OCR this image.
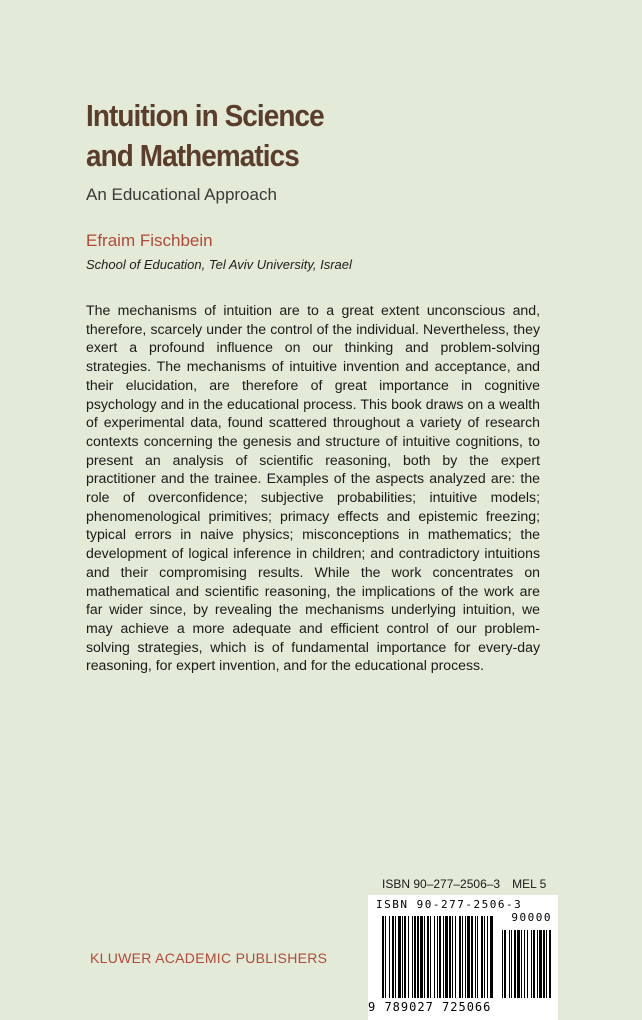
Intuition in Science
and Mathematics
An Educational Approach
Efraim Fischbein
School of Education, Tel Aviv University, Israel

The mechanisms of intuition are to a great extent unconscious and, therefore, scarcely under the control of the individual. Nevertheless, they exert a profound influence on our thinking and problem-solving strategies. The mechanisms of intuitive invention and acceptance, and their elucidation, are therefore of great importance in cognitive psychology and in the educational process. This book draws on a wealth of experimental data, found scattered throughout a variety of research contexts concerning the genesis and structure of intuitive cognitions, to present an analysis of scientific reasoning, both by the expert practitioner and the trainee. Examples of the aspects analyzed are: the role of overconfidence; subjective probabilities; intuitive models; phenomenological primitives; primacy effects and epistemic freezing; typical errors in naive physics; misconceptions in mathematics; the development of logical inference in children; and contradictory intuitions and their compromising results. While the work concentrates on mathematical and scientific reasoning, the implications of the work are far wider since, by revealing the mechanisms underlying intuition, we may achieve a more adequate and efficient control of our problem-solving strategies, which is of fundamental importance for every-day reasoning, for expert invention, and for the educational process.

ISBN 90–277–2506–3 MEL 5
KLUWER ACADEMIC PUBLISHERS
ISBN 90-277-2506-3
90000
9 789027 725066
